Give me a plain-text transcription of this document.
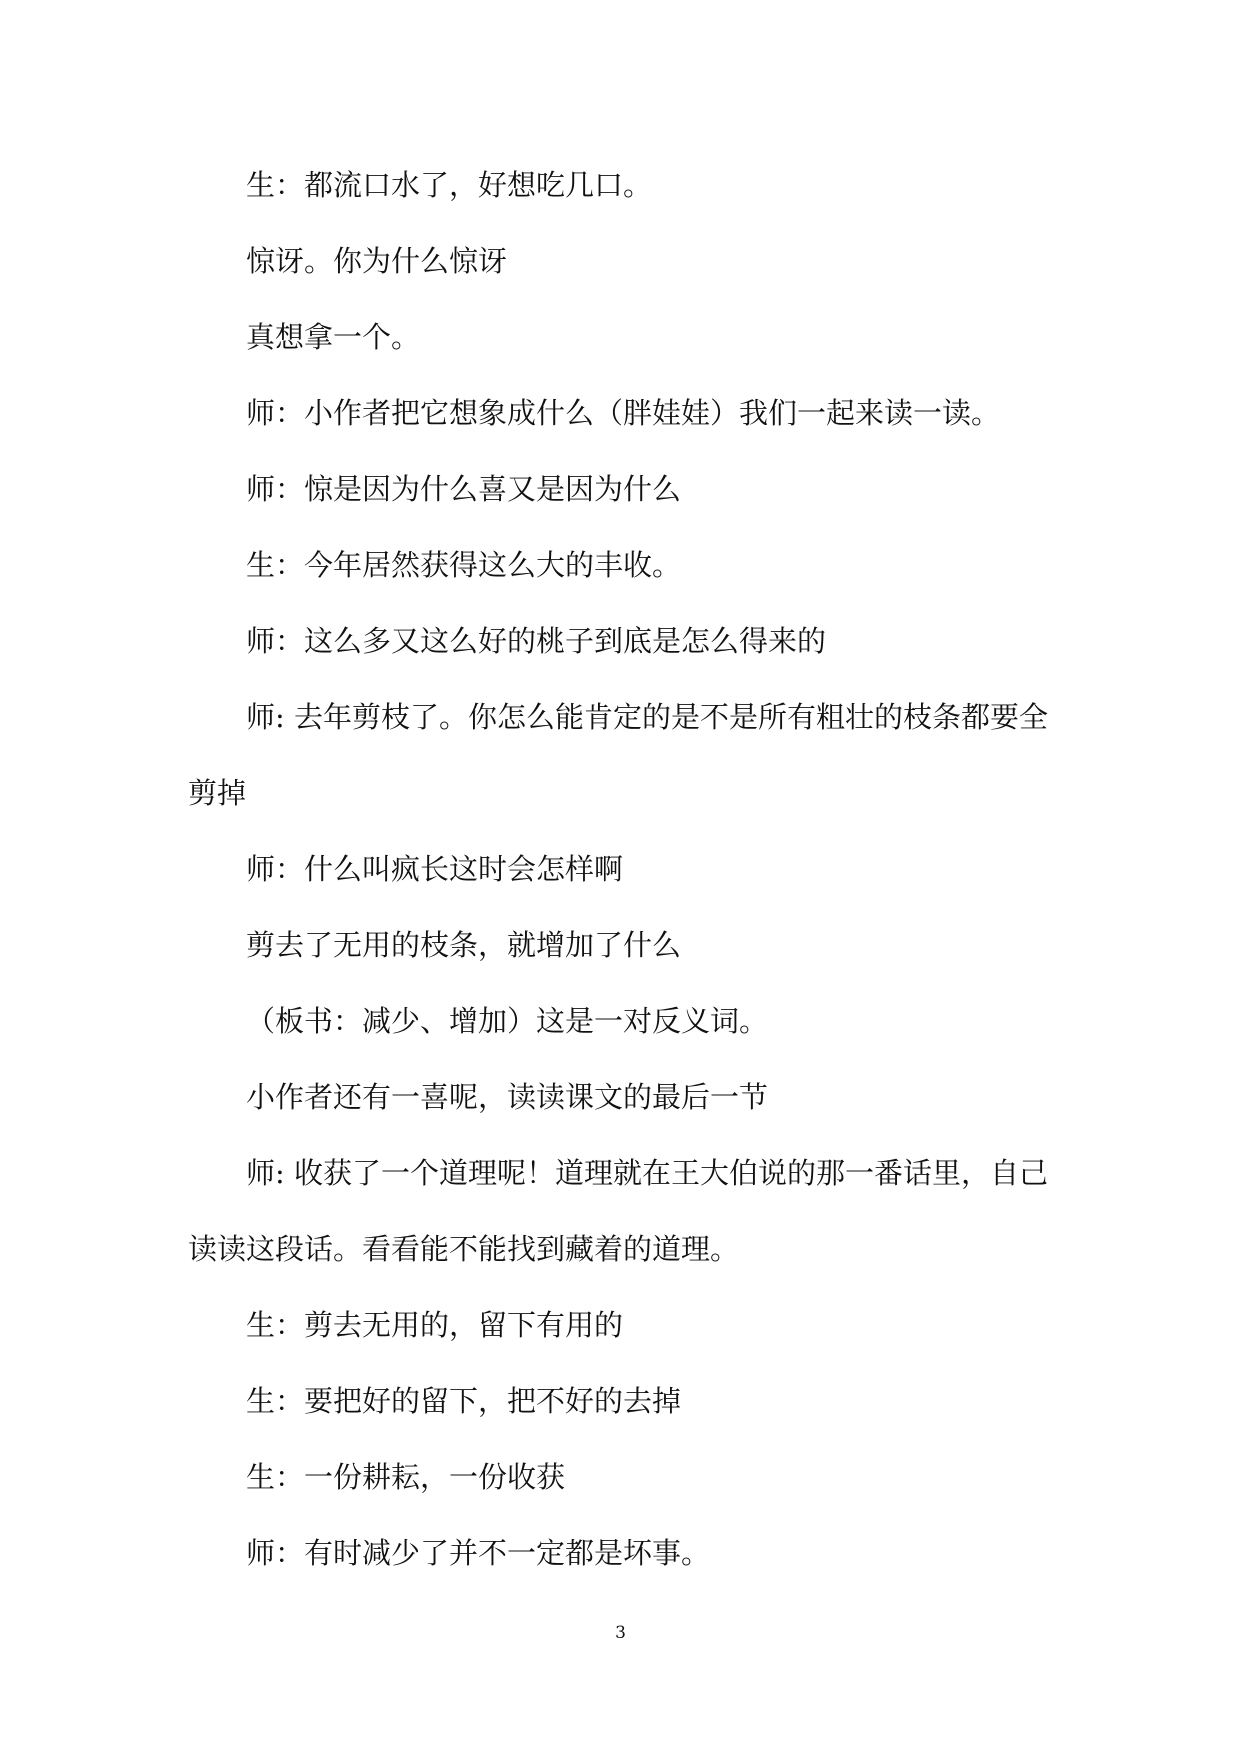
生：都流口水了，好想吃几口。

惊讶。你为什么惊讶

真想拿一个。

师：小作者把它想象成什么（胖娃娃）我们一起来读一读。

师：惊是因为什么喜又是因为什么

生：今年居然获得这么大的丰收。

师：这么多又这么好的桃子到底是怎么得来的

师: 去年剪枝了。你怎么能肯定的是不是所有粗壮的枝条都要全剪掉

师：什么叫疯长这时会怎样啊

剪去了无用的枝条，就增加了什么

（板书：减少、增加）这是一对反义词。

小作者还有一喜呢，读读课文的最后一节

师: 收获了一个道理呢！道理就在王大伯说的那一番话里，自己读读这段话。看看能不能找到藏着的道理。

生：剪去无用的，留下有用的

生：要把好的留下，把不好的去掉

生：一份耕耘，一份收获

师：有时减少了并不一定都是坏事。

3
